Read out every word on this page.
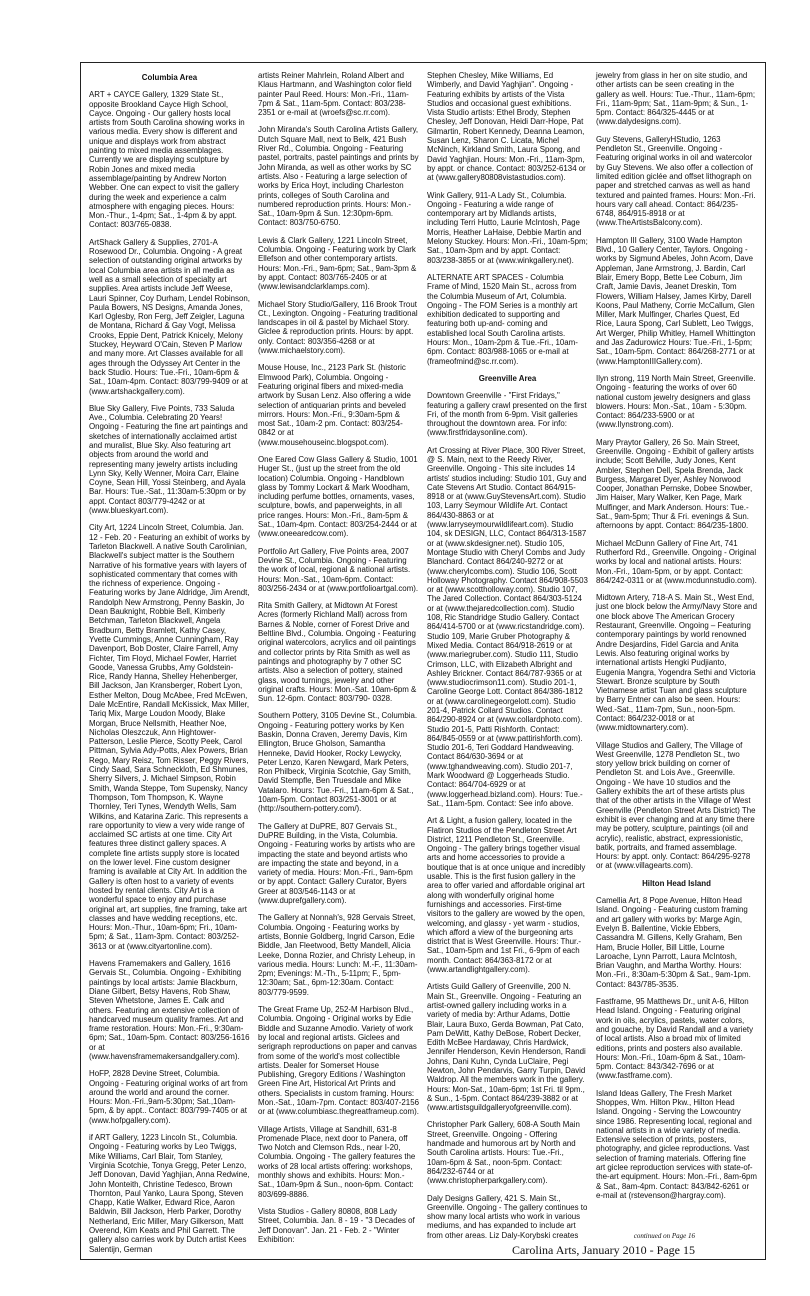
Columbia Area
ART + CAYCE Gallery, 1329 State St., opposite Brookland Cayce High School, Cayce. Ongoing - Our gallery hosts local artists from South Carolina showing works in various media. Every show is different and unique and displays work from abstract painting to mixed media assemblages. Currently we are displaying sculpture by Robin Jones and mixed media assemblage/painting by Andrew Norton Webber. One can expect to visit the gallery during the week and experience a calm atmosphere with engaging pieces. Hours: Mon.-Thur., 1-4pm; Sat., 1-4pm & by appt. Contact: 803/765-0838.
ArtShack Gallery & Supplies, 2701-A Rosewood Dr., Columbia. Ongoing - A great selection of outstanding original artworks by local Columbia area artists in all media as well as a small selection of specialty art supplies. Area artists include Jeff Weese, Lauri Spinner, Coy Durham, Lendel Robinson, Paula Bowers, NS Designs, Amanda Jones, Karl Oglesby, Ron Ferg, Jeff Zeigler, Laguna de Montana, Richard & Gay Vogt, Melissa Crooks, Eppie Dent, Patrick Knicely, Melony Stuckey, Heyward O'Cain, Steven P Marlow and many more. Art Classes available for all ages through the Odyssey Art Center in the back Studio. Hours: Tue.-Fri., 10am-6pm & Sat., 10am-4pm. Contact: 803/799-9409 or at (www.artshackgallery.com).
Blue Sky Gallery, Five Points, 733 Saluda Ave., Columbia. Celebrating 20 Years! Ongoing - Featuring the fine art paintings and sketches of internationally acclaimed artist and muralist, Blue Sky. Also featuring art objects from around the world and representing many jewelry artists including Lynn Sky, Kelly Wenner, Moira Carr, Elaine Coyne, Sean Hill, Yossi Steinberg, and Ayala Bar. Hours: Tue.-Sat., 11:30am-5:30pm or by appt. Contact 803/779-4242 or at (www.blueskyart.com).
City Art, 1224 Lincoln Street, Columbia. Jan. 12 - Feb. 20 - Featuring an exhibit of works by Tarleton Blackwell. A native South Carolinian, Blackwell's subject matter is the Southern Narrative of his formative years with layers of sophisticated commentary that comes with the richness of experience. Ongoing - Featuring works by Jane Aldridge, Jim Arendt, Randolph New Armstrong, Penny Baskin, Jo Dean Bauknight, Robbie Bell, Kimberly Betchman, Tarleton Blackwell, Angela Bradburn, Betty Bramlett, Kathy Casey, Yvette Cummings, Anne Cunningham, Ray Davenport, Bob Doster, Claire Farrell, Amy Fichter, Tim Floyd, Michael Fowler, Harriet Goode, Vanessa Grubbs, Amy Goldstein-Rice, Randy Hanna, Shelley Hehenberger, Bill Jackson, Jan Kransberger, Robert Lyon, Esther Melton, Doug McAbee, Fred McEwen, Dale McEntire, Randall McKissick, Max Miller, Tariq Mix, Marge Loudon Moody, Blake Morgan, Bruce Nellsmith, Heather Noe, Nicholas Oleszczuk, Ann Hightower-Patterson, Leslie Pierce, Scotty Peek, Carol Pittman, Sylvia Ady-Potts, Alex Powers, Brian Rego, Mary Reisz, Tom Risser, Peggy Rivers, Cindy Saad, Sara Schneckloth, Ed Shmunes, Sherry Silvers, J. Michael Simpson, Robin Smith, Wanda Steppe, Tom Supensky, Nancy Thompson, Tom Thompson, K. Wayne Thornley, Teri Tynes, Wendyth Wells, Sam Wilkins, and Katarina Zaric. This represents a rare opportunity to view a very wide range of acclaimed SC artists at one time. City Art features three distinct gallery spaces. A complete fine artists supply store is located on the lower level. Fine custom designer framing is available at City Art. In addition the Gallery is often host to a variety of events hosted by rental clients. City Art is a wonderful space to enjoy and purchase original art, art supplies, fine framing, take art classes and have wedding receptions, etc. Hours: Mon.-Thur., 10am-6pm; Fri., 10am-5pm; & Sat., 11am-3pm. Contact: 803/252-3613 or at (www.cityartonline.com).
Havens Framemakers and Gallery, 1616 Gervais St., Columbia. Ongoing - Exhibiting paintings by local artists: Jamie Blackburn, Diane Gilbert, Betsy Havens, Rob Shaw, Steven Whetstone, James E. Calk and others. Featuring an extensive collection of handcarved museum quality frames. Art and frame restoration. Hours: Mon.-Fri., 9:30am-6pm; Sat., 10am-5pm. Contact: 803/256-1616 or at (www.havensframemakersandgallery.com).
HoFP, 2828 Devine Street, Columbia. Ongoing - Featuring original works of art from around the world and around the corner. Hours: Mon.-Fri.,9am-5:30pm; Sat.,10am-5pm, & by appt.. Contact: 803/799-7405 or at (www.hofpgallery.com).
if ART Gallery, 1223 Lincoln St., Columbia. Ongoing - Featuring works by Leo Twiggs, Mike Williams, Carl Blair, Tom Stanley, Virginia Scotchie, Tonya Gregg, Peter Lenzo, Jeff Donovan, David Yaghjian, Anna Redwine, John Monteith, Christine Tedesco, Brown Thornton, Paul Yanko, Laura Spong, Steven Chapp, Katie Walker, Edward Rice, Aaron Baldwin, Bill Jackson, Herb Parker, Dorothy Netherland, Eric Miller, Mary Gilkerson, Matt Overend, Kim Keats and Phil Garrett. The gallery also carries work by Dutch artist Kees Salentijn, German
artists Reiner Mahrlein, Roland Albert and Klaus Hartmann, and Washington color field painter Paul Reed. Hours: Mon.-Fri., 11am-7pm & Sat., 11am-5pm. Contact: 803/238-2351 or e-mail at (wroefs@sc.rr.com).
John Miranda's South Carolina Artists Gallery, Dutch Square Mall, next to Belk, 421 Bush River Rd., Columbia. Ongoing - Featuring pastel, portraits, pastel paintings and prints by John Miranda, as well as other works by SC artists. Also - Featuring a large selection of works by Erica Hoyt, including Charleston prints, colleges of South Carolina and numbered reproduction prints. Hours: Mon.-Sat., 10am-9pm & Sun. 12:30pm-6pm. Contact: 803/750-6750.
Lewis & Clark Gallery, 1221 Lincoln Street, Columbia. Ongoing - Featuring work by Clark Ellefson and other contemporary artists. Hours: Mon.-Fri., 9am-6pm; Sat., 9am-3pm & by appt. Contact: 803/765-2405 or at (www.lewisandclarklamps.com).
Michael Story Studio/Gallery, 116 Brook Trout Ct., Lexington. Ongoing - Featuring traditional landscapes in oil & pastel by Michael Story. Giclee & reproduction prints. Hours: by appt. only. Contact: 803/356-4268 or at (www.michaelstory.com).
Mouse House, Inc., 2123 Park St. (historic Elmwood Park), Columbia. Ongoing - Featuring original fibers and mixed-media artwork by Susan Lenz. Also offering a wide selection of antiquarian prints and beveled mirrors. Hours: Mon.-Fri., 9:30am-5pm & most Sat., 10am-2 pm. Contact: 803/254-0842 or at (www.mousehouseinc.blogspot.com).
One Eared Cow Glass Gallery & Studio, 1001 Huger St., (just up the street from the old location) Columbia. Ongoing - Handblown glass by Tommy Lockart & Mark Woodham, including perfume bottles, ornaments, vases, sculpture, bowls, and paperweights, in all price ranges. Hours: Mon.-Fri., 8am-5pm & Sat., 10am-4pm. Contact: 803/254-2444 or at (www.oneearedcow.com).
Portfolio Art Gallery, Five Points area, 2007 Devine St., Columbia. Ongoing - Featuring the work of local, regional & national artists. Hours: Mon.-Sat., 10am-6pm. Contact: 803/256-2434 or at (www.portfolioartgal.com).
Rita Smith Gallery, at Midtown At Forest Acres (formerly Richland Mall) across from Barnes & Noble, corner of Forest Drive and Beltline Blvd., Columbia. Ongoing - Featuring original watercolors, acrylics and oil paintings and collector prints by Rita Smith as well as paintings and photography by 7 other SC artists. Also a selection of pottery, stained glass, wood turnings, jewelry and other original crafts. Hours: Mon.-Sat. 10am-6pm & Sun. 12-6pm. Contact: 803/790- 0328.
Southern Pottery, 3105 Devine St., Columbia. Ongoing - Featuring pottery works by Ken Baskin, Donna Craven, Jeremy Davis, Kim Ellington, Bruce Gholson, Samantha Henneke, David Hooker, Rocky Lewycky, Peter Lenzo, Karen Newgard, Mark Peters, Ron Philbeck, Virginia Scotchie, Gay Smith, David Stempfle, Ben Truesdale and Mike Vatalaro. Hours: Tue.-Fri., 11am-6pm & Sat., 10am-5pm. Contact 803/251-3001 or at (http://southern-pottery.com/).
The Gallery at DuPRE, 807 Gervais St., DuPRE Building, in the Vista, Columbia. Ongoing - Featuring works by artists who are impacting the state and beyond artists who are impacting the state and beyond, in a variety of media. Hours: Mon.-Fri., 9am-6pm or by appt. Contact: Gallery Curator, Byers Greer at 803/546-1143 or at (www.duprefgallery.com).
The Gallery at Nonnah's, 928 Gervais Street, Columbia. Ongoing - Featuring works by artists, Bonnie Goldberg, Ingrid Carson, Edie Biddle, Jan Fleetwood, Betty Mandell, Alicia Leeke, Donna Rozier, and Christy Leheup, in various media. Hours: Lunch: M.-F., 11:30am-2pm; Evenings: M.-Th., 5-11pm; F., 5pm-12:30am; Sat., 6pm-12:30am. Contact: 803/779-9599.
The Great Frame Up, 252-M Harbison Blvd., Columbia. Ongoing - Original works by Edie Biddle and Suzanne Amodio. Variety of work by local and regional artists. Giclees and serigraph reproductions on paper and canvas from some of the world's most collectible artists. Dealer for Somerset House Publishing, Gregory Editions / Washington Green Fine Art, Historical Art Prints and others. Specialists in custom framing. Hours: Mon.-Sat., 10am-7pm. Contact: 803/407-2156 or at (www.columbiasc.thegreatframeup.com).
Village Artists, Village at Sandhill, 631-8 Promenade Place, next door to Panera, off Two Notch and Clemson Rds., near I-20, Columbia. Ongoing - The gallery features the works of 28 local artists offering: workshops, monthly shows and exhibits. Hours: Mon.-Sat., 10am-9pm & Sun., noon-6pm. Contact: 803/699-8886.
Vista Studios - Gallery 80808, 808 Lady Street, Columbia. Jan. 8 - 19 - "3 Decades of Jeff Donovan". Jan. 21 - Feb. 2 - "Winter Exhibition:
Stephen Chesley, Mike Williams, Ed Wimberly, and David Yaghjian". Ongoing - Featuring exhibits by artists of the Vista Studios and occasional guest exhibitions. Vista Studio artists: Ethel Brody, Stephen Chesley, Jeff Donovan, Heidi Darr-Hope, Pat Gilmartin, Robert Kennedy, Deanna Leamon, Susan Lenz, Sharon C. Licata, Michel McNinch, Kirkland Smith, Laura Spong, and David Yaghjian. Hours: Mon.-Fri., 11am-3pm, by appt. or chance. Contact: 803/252-6134 or at (www.gallery80808vistastudios.com).
Wink Gallery, 911-A Lady St., Columbia. Ongoing - Featuring a wide range of contemporary art by Midlands artists, including Terri Hutto, Laurie McIntosh, Page Morris, Heather LaHaise, Debbie Martin and Melony Stuckey. Hours: Mon.-Fri., 10am-5pm; Sat., 10am-3pm and by appt. Contact: 803/238-3855 or at (www.winkgallery.net).
ALTERNATE ART SPACES - Columbia Frame of Mind, 1520 Main St., across from the Columbia Museum of Art, Columbia. Ongoing - The FOM Series is a monthly art exhibition dedicated to supporting and featuring both up-and- coming and established local South Carolina artists. Hours: Mon., 10am-2pm & Tue.-Fri., 10am-6pm. Contact: 803/988-1065 or e-mail at (frameofmind@sc.rr.com).
Greenville Area
Downtown Greenville - "First Fridays," featuring a gallery crawl presented on the first Fri, of the month from 6-9pm. Visit galleries throughout the downtown area. For info: (www.firstfridaysonline.com).
Art Crossing at River Place, 300 River Street, @ S. Main, next to the Reedy River, Greenville. Ongoing - This site includes 14 artists' studios including: Studio 101, Guy and Cate Stevens Art Studio. Contact 864/915-8918 or at (www.GuyStevensArt.com). Studio 103, Larry Seymour Wildlife Art. Contact 864/430-8863 or at (www.larryseymourwildlifeart.com). Studio 104, sk DESIGN, LLC, Contact 864/313-1587 or at (www.skdesigner.net). Studio 105, Montage Studio with Cheryl Combs and Judy Blanchard. Contact 864/240-9272 or at (www.cherylcombs.com). Studio 106, Scott Holloway Photography. Contact 864/908-5503 or at (www.scottholloway.com). Studio 107, The Jared Collection. Contact 864/303-5124 or at (www.thejaredcollection.com). Studio 108, Ric Standridge Studio Gallery. Contact 864/414-5700 or at (www.ricstandridge.com). Studio 109, Marie Gruber Photography & Mixed Media. Contact 864/918-2619 or at (www.mariegruber.com). Studio 111, Studio Crimson, LLC, with Elizabeth Albright and Ashley Brickner. Contact 864/787-9365 or at (www.studiocrimson11.com). Studio 201-1, Caroline George Lott. Contact 864/386-1812 or at (www.carolinegeorgelott.com). Studio 201-4, Patrick Collard Studios. Contact 864/290-8924 or at (www.collardphoto.com). Studio 201-5, Patti Rishforth. Contact: 864/845-0559 or at (www.pattirishforth.com). Studio 201-6, Teri Goddard Handweaving. Contact 864/630-3694 or at (www.tghandweaving.com). Studio 201-7, Mark Woodward @ Loggerheads Studio. Contact: 864/704-6929 or at (www.loggerhead.bizland.com). Hours: Tue.-Sat., 11am-5pm. Contact: See info above.
Art & Light, a fusion gallery, located in the Flatiron Studios of the Pendleton Street Art District, 1211 Pendleton St., Greenville. Ongoing - The gallery brings together visual arts and home accessories to provide a boutique that is at once unique and incredibly usable. This is the first fusion gallery in the area to offer varied and affordable original art along with wonderfully original home furnishings and accessories. First-time visitors to the gallery are wowed by the open, welcoming, and glassy - yet warm - studios, which afford a view of the burgeoning arts district that is West Greenville. Hours: Thur.-Sat., 10am-5pm and 1st Fri., 6-9pm of each month. Contact: 864/363-8172 or at (www.artandlightgallery.com).
Artists Guild Gallery of Greenville, 200 N. Main St., Greenville. Ongoing - Featuring an artist-owned gallery including works in a variety of media by: Arthur Adams, Dottie Blair, Laura Buxo, Gerda Bowman, Pat Cato, Pam DeWitt, Kathy DeBose, Robert Decker, Edith McBee Hardaway, Chris Hardwick, Jennifer Henderson, Kevin Henderson, Randi Johns, Dani Kuhn, Cynda LuClaire, Pegi Newton, John Pendarvis, Garry Turpin, David Waldrop. All the members work in the gallery. Hours: Mon-Sat., 10am-6pm; 1st Fri. til 9pm., & Sun., 1-5pm. Contact 864/239-3882 or at (www.artistsguildgalleryofgreenville.com).
Christopher Park Gallery, 608-A South Main Street, Greenville. Ongoing - Offering handmade and humorous art by North and South Carolina artists. Hours: Tue.-Fri., 10am-6pm & Sat., noon-5pm. Contact: 864/232-6744 or at (www.christopherparkgallery.com).
Daly Designs Gallery, 421 S. Main St., Greenville. Ongoing - The gallery continues to show many local artists who work in various mediums, and has expanded to include art from other areas. Liz Daly-Korybski creates
jewelry from glass in her on site studio, and other artists can be seen creating in the gallery as well. Hours: Tue.-Thur., 11am-6pm; Fri., 11am-9pm; Sat., 11am-9pm; & Sun., 1-5pm. Contact: 864/325-4445 or at (www.dalydesigns.com).
Guy Stevens, GalleryHStudio, 1263 Pendleton St., Greenville. Ongoing - Featuring original works in oil and watercolor by Guy Stevens. We also offer a collection of limited edition giclée and offset lithograph on paper and stretched canvas as well as hand textured and painted frames. Hours: Mon.-Fri. hours vary call ahead. Contact: 864/235-6748, 864/915-8918 or at (www.TheArtistsBalcony.com).
Hampton III Gallery, 3100 Wade Hampton Blvd., 10 Gallery Center, Taylors. Ongoing - works by Sigmund Abeles, John Acorn, Dave Appleman, Jane Armstrong, J. Bardin, Carl Blair, Emery Bopp, Bette Lee Coburn, Jim Craft, Jamie Davis, Jeanet Dreskin, Tom Flowers, William Halsey, James Kirby, Darell Koons, Paul Matheny, Corrie McCallum, Glen Miller, Mark Mulfinger, Charles Quest, Ed Rice, Laura Spong, Carl Sublett, Leo Twiggs, Art Werger, Philip Whitley, Hamell Whittington and Jas Zadurowicz Hours: Tue.-Fri., 1-5pm; Sat., 10am-5pm. Contact: 864/268-2771 or at (www.HamptonIIIGallery.com).
Ilyn strong, 119 North Main Street, Greenville. Ongoing - featuring the works of over 60 national custom jewelry designers and glass blowers. Hours: Mon.-Sat., 10am - 5:30pm. Contact: 864/233-5900 or at (www.Ilynstrong.com).
Mary Praytor Gallery, 26 So. Main Street, Greenville. Ongoing - Exhibit of gallery artists include; Scott Belville, Judy Jones, Kent Ambler, Stephen Dell, Spela Brenda, Jack Burgess, Margaret Dyer, Ashley Norwood Cooper, Jonathan Pernske, Dobee Snowber, Jim Haiser, Mary Walker, Ken Page, Mark Mulfinger, and Mark Anderson. Hours: Tue.-Sat., 9am-5pm; Thur & Fri. evenings & Sun. afternoons by appt. Contact: 864/235-1800.
Michael McDunn Gallery of Fine Art, 741 Rutherford Rd., Greenville. Ongoing - Original works by local and national artists. Hours: Mon.-Fri., 10am-5pm, or by appt. Contact: 864/242-0311 or at (www.mcdunnstudio.com).
Midtown Artery, 718-A S. Main St., West End, just one block below the Army/Navy Store and one block above The American Grocery Restaurant, Greenville. Ongoing – Featuring contemporary paintings by world renowned Andre Desjardins, Fidel Garcia and Anita Lewis. Also featuring original works by international artists Hengki Pudjianto, Eugenia Mangra, Yogendra Sethi and Victoria Stewart. Bronze sculpture by South Vietnamese artist Tuan and glass sculpture by Barry Entner can also be seen. Hours: Wed.-Sat., 11am-7pm, Sun., noon-5pm. Contact: 864/232-0018 or at (www.midtownartery.com).
Village Studios and Gallery, The Village of West Greenville, 1278 Pendleton St., two story yellow brick building on corner of Pendleton St. and Lois Ave., Greenville. Ongoing - We have 10 studios and the Gallery exhibits the art of these artists plus that of the other artists in the Village of West Greenville (Pendleton Street Arts District) The exhibit is ever changing and at any time there may be pottery, sculpture, paintings (oil and acrylic), realistic, abstract, expressionistic, batik, portraits, and framed assemblage. Hours: by appt. only. Contact: 864/295-9278 or at (www.villagearts.com).
Hilton Head Island
Camellia Art, 8 Pope Avenue, Hilton Head Island. Ongoing - Featuring custom framing and art gallery with works by: Marge Agin, Evelyn B. Ballentine, Vickie Ebbers, Cassandra M. Gillens, Kelly Graham, Ben Ham, Brucie Holler, Bill Little, Lourne Laroache, Lynn Parrott, Laura McIntosh, Brian Vaughn, and Martha Worthy. Hours: Mon.-Fri., 8:30am-5:30pm & Sat., 9am-1pm. Contact: 843/785-3535.
Fastframe, 95 Matthews Dr., unit A-6, Hilton Head Island. Ongoing - Featuring original work in oils, acrylics, pastels, water colors, and gouache, by David Randall and a variety of local artists. Also a broad mix of limited editions, prints and posters also available. Hours: Mon.-Fri., 10am-6pm & Sat., 10am-5pm. Contact: 843/342-7696 or at (www.fastframe.com).
Island Ideas Gallery, The Fresh Market Shoppes, Wm. Hilton Pkw., Hilton Head Island. Ongoing - Serving the Lowcountry since 1986. Representing local, regional and national artists in a wide variety of media. Extensive selection of prints, posters, photography, and giclee reproductions. Vast selection of framing materials. Offering fine art giclee reproduction services with state-of-the-art equipment. Hours: Mon.-Fri., 8am-6pm & Sat., 8am-4pm. Contact: 843/842-6261 or e-mail at (rstevenson@hargray.com).
continued on Page 16
Carolina Arts, January 2010 - Page 15
